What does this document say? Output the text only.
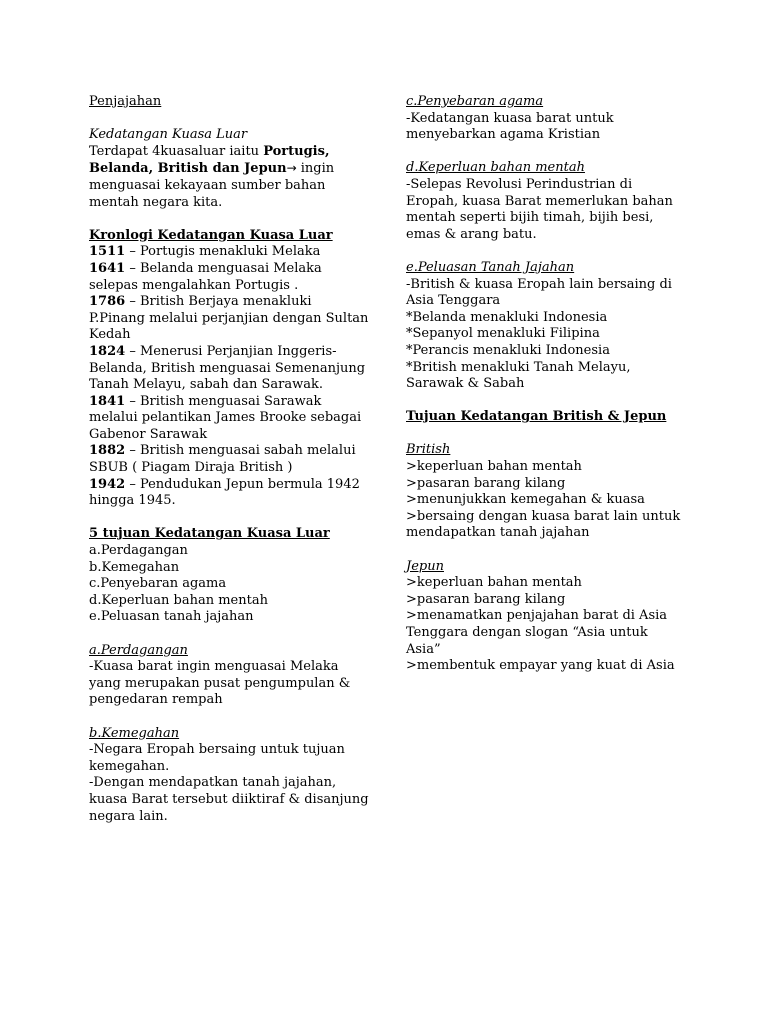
Penjajahan

Kedatangan Kuasa Luar

Terdapat 4kuasaluar iaitu Portugis, Belanda, British dan Jepun→ ingin menguasai kekayaan sumber bahan mentah negara kita.

Kronlogi Kedatangan Kuasa Luar

1511 – Portugis menakluki Melaka

1641 – Belanda menguasai Melaka selepas mengalahkan Portugis .

1786 – British Berjaya menakluki P.Pinang melalui perjanjian dengan Sultan Kedah

1824 – Menerusi Perjanjian Inggeris-Belanda, British menguasai Semenanjung Tanah Melayu, sabah dan Sarawak.

1841 – British menguasai Sarawak melalui pelantikan James Brooke sebagai Gabenor Sarawak

1882 – British menguasai sabah melalui SBUB ( Piagam Diraja British )

1942 – Pendudukan Jepun bermula 1942 hingga 1945.

5 tujuan Kedatangan Kuasa Luar

a.Perdagangan

b.Kemegahan

c.Penyebaran agama

d.Keperluan bahan mentah

e.Peluasan tanah jajahan

a.Perdagangan

-Kuasa barat ingin menguasai Melaka yang merupakan pusat pengumpulan & pengedaran rempah

b.Kemegahan

-Negara Eropah bersaing untuk tujuan kemegahan.

-Dengan mendapatkan tanah jajahan, kuasa Barat tersebut diiktiraf & disanjung negara lain.

c.Penyebaran agama

-Kedatangan kuasa barat untuk menyebarkan agama Kristian

d.Keperluan bahan mentah

-Selepas Revolusi Perindustrian di Eropah, kuasa Barat memerlukan bahan mentah seperti bijih timah, bijih besi, emas & arang batu.

e.Peluasan Tanah Jajahan

-British & kuasa Eropah lain bersaing di Asia Tenggara

*Belanda menakluki Indonesia

*Sepanyol menakluki Filipina

*Perancis menakluki Indonesia

*British menakluki Tanah Melayu, Sarawak & Sabah

Tujuan Kedatangan British & Jepun

British

>keperluan bahan mentah

>pasaran barang kilang

>menunjukkan kemegahan & kuasa

>bersaing dengan kuasa barat lain untuk mendapatkan tanah jajahan

Jepun

>keperluan bahan mentah

>pasaran barang kilang

>menamatkan penjajahan barat di Asia Tenggara dengan slogan “Asia untuk Asia”

>membentuk empayar yang kuat di Asia
